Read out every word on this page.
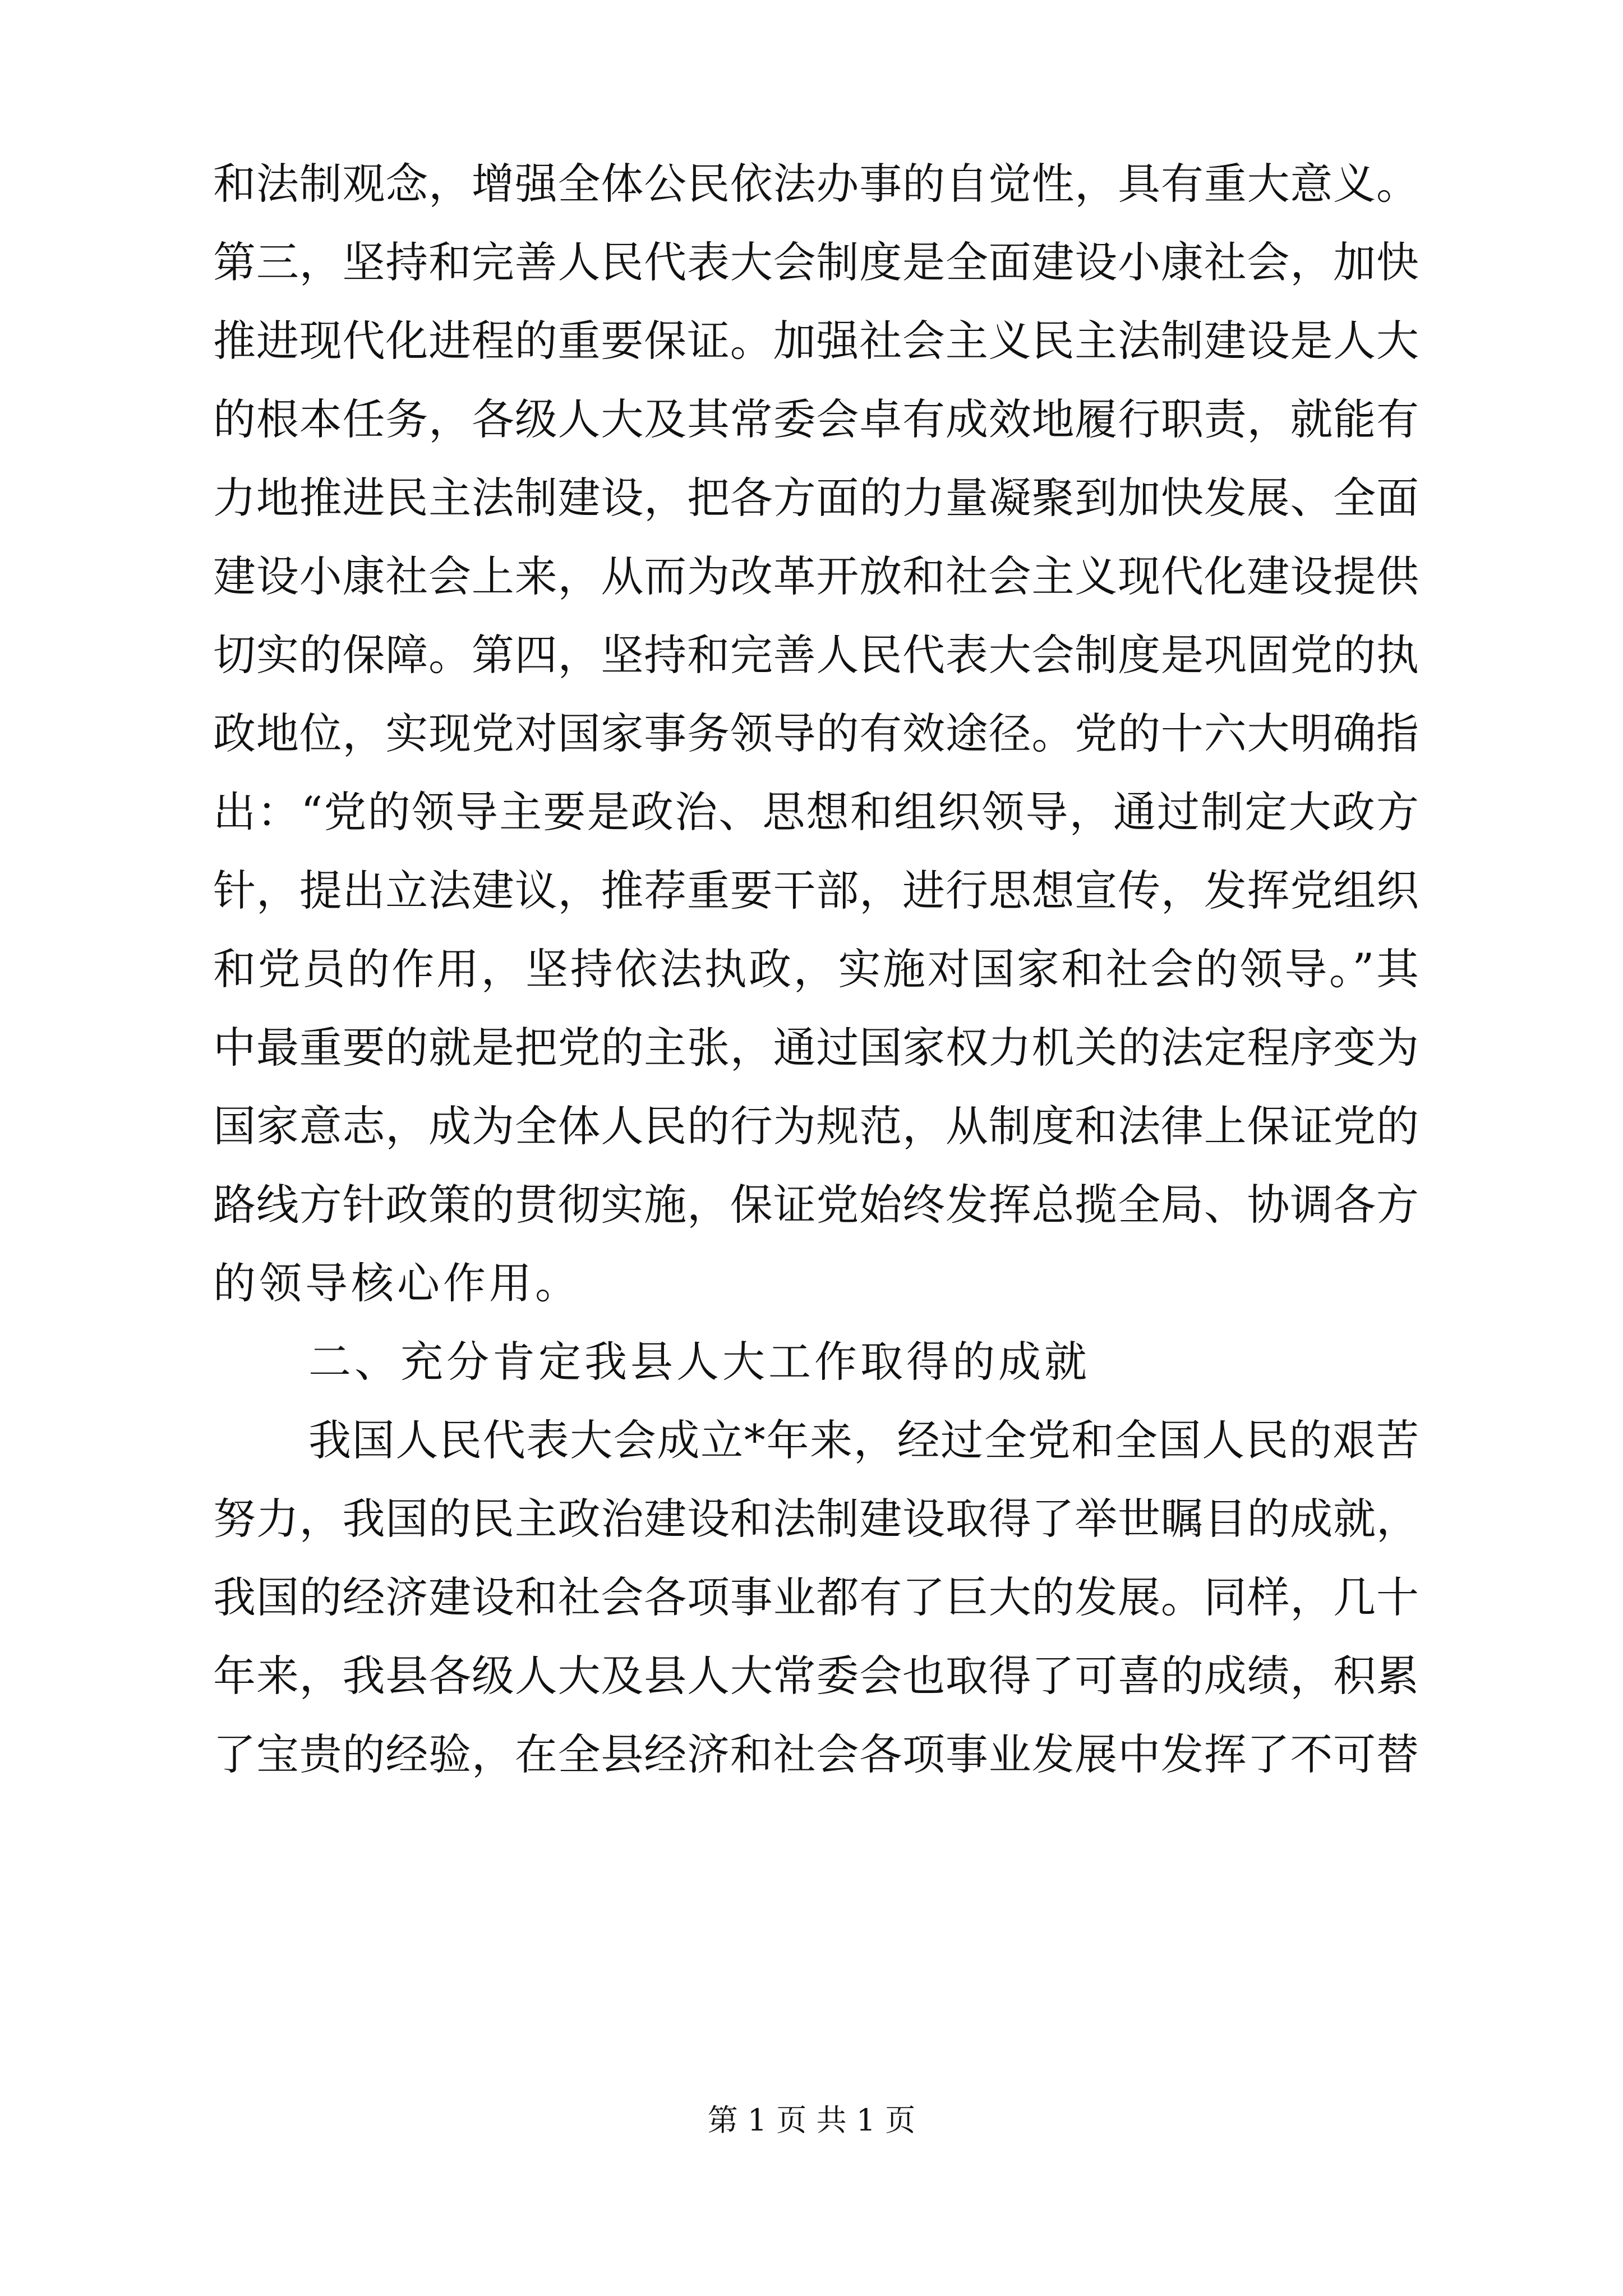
和法制观念，增强全体公民依法办事的自觉性，具有重大意义。
第三，坚持和完善人民代表大会制度是全面建设小康社会，加快
推进现代化进程的重要保证。加强社会主义民主法制建设是人大
的根本任务，各级人大及其常委会卓有成效地履行职责，就能有
力地推进民主法制建设，把各方面的力量凝聚到加快发展、全面
建设小康社会上来，从而为改革开放和社会主义现代化建设提供
切实的保障。第四，坚持和完善人民代表大会制度是巩固党的执
政地位，实现党对国家事务领导的有效途径。党的十六大明确指
出：“党的领导主要是政治、思想和组织领导，通过制定大政方
针，提出立法建议，推荐重要干部，进行思想宣传，发挥党组织
和党员的作用，坚持依法执政，实施对国家和社会的领导。”其
中最重要的就是把党的主张，通过国家权力机关的法定程序变为
国家意志，成为全体人民的行为规范，从制度和法律上保证党的
路线方针政策的贯彻实施，保证党始终发挥总揽全局、协调各方
的领导核心作用。
二、充分肯定我县人大工作取得的成就
我国人民代表大会成立*年来，经过全党和全国人民的艰苦
努力，我国的民主政治建设和法制建设取得了举世瞩目的成就，
我国的经济建设和社会各项事业都有了巨大的发展。同样，几十
年来，我县各级人大及县人大常委会也取得了可喜的成绩，积累
了宝贵的经验，在全县经济和社会各项事业发展中发挥了不可替
第 1 页 共 1 页
